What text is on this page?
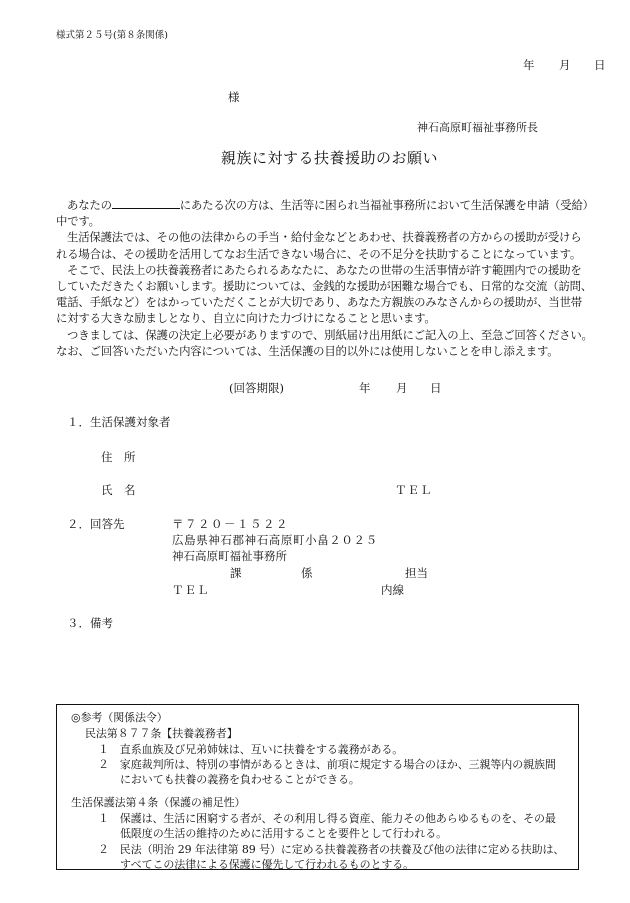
様式第２５号(第８条関係)
年 月 日
様
神石高原町福祉事務所長
親族に対する扶養援助のお願い
あなたの	にあたる次の方は、生活等に困られ当福祉事務所において生活保護を申請（受給）
中です。
生活保護法では、その他の法律からの手当・給付金などとあわせ、扶養義務者の方からの援助が受けら
れる場合は、その援助を活用してなお生活できない場合に、その不足分を扶助することになっています。
そこで、民法上の扶養義務者にあたられるあなたに、あなたの世帯の生活事情が許す範囲内での援助を
していただきたくお願いします。援助については、金銭的な援助が困難な場合でも、日常的な交流（訪問、
電話、手紙など）をはかっていただくことが大切であり、あなた方親族のみなさんからの援助が、当世帯
に対する大きな励ましとなり、自立に向けた力づけになることと思います。
つきましては、保護の決定上必要がありますので、別紙届け出用紙にご記入の上、至急ご回答ください。
なお、ご回答いただいた内容については、生活保護の目的以外には使用しないことを申し添えます。
(回答期限)	年 月 日
１．生活保護対象者
住　所
氏　名	ＴＥＬ
２．回答先	〒７２０－１５２２
広島県神石郡神石高原町小畠２０２５
神石高原町福祉事務所
課	係	担当
ＴＥＬ	内線
３．備考
◎参考（関係法令）
民法第８７７条【扶養義務者】
１　直系血族及び兄弟姉妹は、互いに扶養をする義務がある。
２　家庭裁判所は、特別の事情があるときは、前項に規定する場合のほか、三親等内の親族間
においても扶養の義務を負わせることができる。
生活保護法第４条（保護の補足性）
１　保護は、生活に困窮する者が、その利用し得る資産、能力その他あらゆるものを、その最
低限度の生活の維持のために活用することを要件として行われる。
２　民法（明治 29 年法律第 89 号）に定める扶養義務者の扶養及び他の法律に定める扶助は、
すべてこの法律による保護に優先して行われるものとする。
